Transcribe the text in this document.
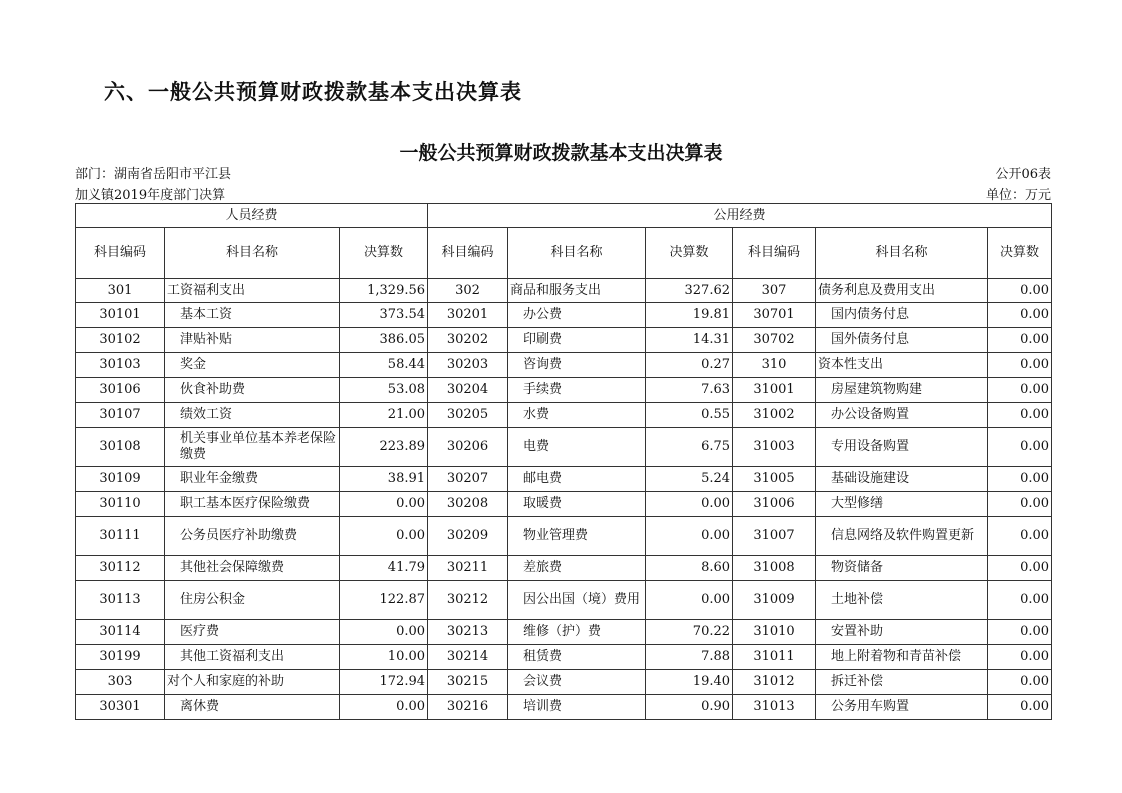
六、一般公共预算财政拨款基本支出决算表
一般公共预算财政拨款基本支出决算表
部门：湖南省岳阳市平江县	公开06表
加义镇2019年度部门决算	单位：万元
人员经费			公用经费					
科目编码	科目名称	决算数	科目编码	科目名称	决算数	科目编码	科目名称	决算数
301	工资福利支出	1,329.56	302	商品和服务支出	327.62	307	债务利息及费用支出	0.00
30101	基本工资	373.54	30201	办公费	19.81	30701	国内债务付息	0.00
30102	津贴补贴	386.05	30202	印刷费	14.31	30702	国外债务付息	0.00
30103	奖金	58.44	30203	咨询费	0.27	310	资本性支出	0.00
30106	伙食补助费	53.08	30204	手续费	7.63	31001	房屋建筑物购建	0.00
30107	绩效工资	21.00	30205	水费	0.55	31002	办公设备购置	0.00
30108	机关事业单位基本养老保险缴费	223.89	30206	电费	6.75	31003	专用设备购置	0.00
30109	职业年金缴费	38.91	30207	邮电费	5.24	31005	基础设施建设	0.00
30110	职工基本医疗保险缴费	0.00	30208	取暖费	0.00	31006	大型修缮	0.00
30111	公务员医疗补助缴费	0.00	30209	物业管理费	0.00	31007	信息网络及软件购置更新	0.00
30112	其他社会保障缴费	41.79	30211	差旅费	8.60	31008	物资储备	0.00
30113	住房公积金	122.87	30212	因公出国（境）费用	0.00	31009	土地补偿	0.00
30114	医疗费	0.00	30213	维修（护）费	70.22	31010	安置补助	0.00
30199	其他工资福利支出	10.00	30214	租赁费	7.88	31011	地上附着物和青苗补偿	0.00
303	对个人和家庭的补助	172.94	30215	会议费	19.40	31012	拆迁补偿	0.00
30301	离休费	0.00	30216	培训费	0.90	31013	公务用车购置	0.00
